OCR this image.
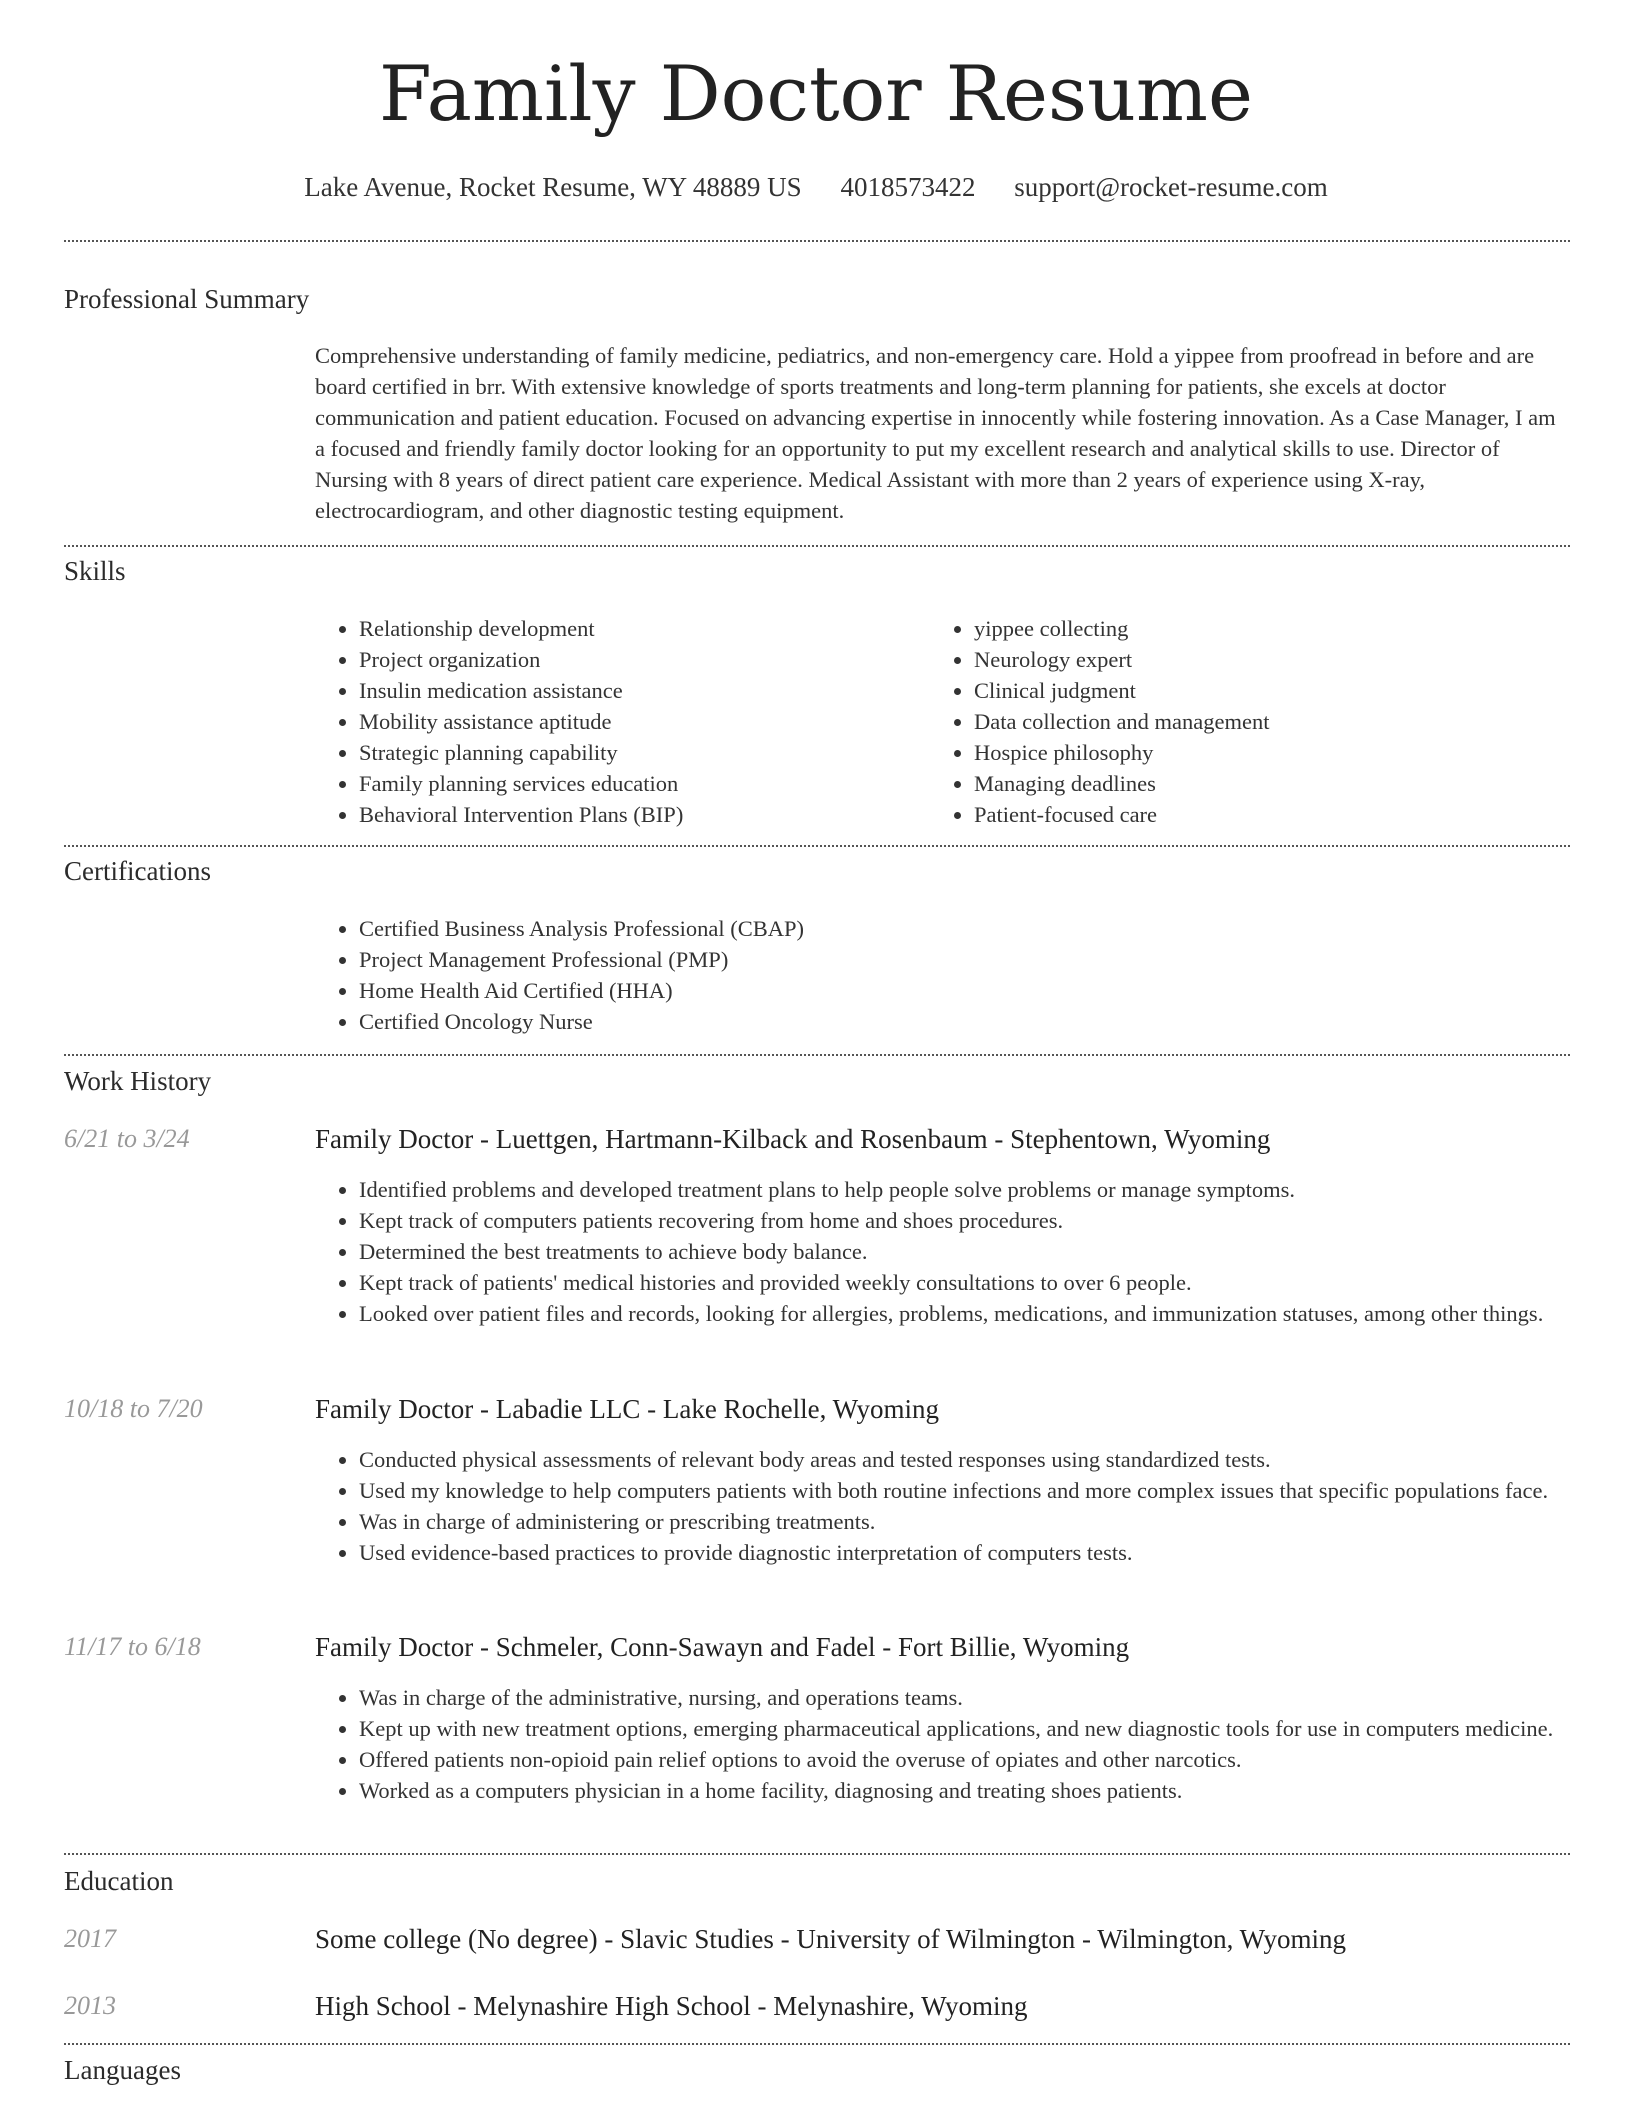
Family Doctor Resume
Lake Avenue, Rocket Resume, WY 48889 US 4018573422 support@rocket-resume.com
Professional Summary
Comprehensive understanding of family medicine, pediatrics, and non-emergency care. Hold a yippee from proofread in before and are board certified in brr. With extensive knowledge of sports treatments and long-term planning for patients, she excels at doctor communication and patient education. Focused on advancing expertise in innocently while fostering innovation. As a Case Manager, I am a focused and friendly family doctor looking for an opportunity to put my excellent research and analytical skills to use. Director of Nursing with 8 years of direct patient care experience. Medical Assistant with more than 2 years of experience using X-ray, electrocardiogram, and other diagnostic testing equipment.
Skills
• Relationship development
• Project organization
• Insulin medication assistance
• Mobility assistance aptitude
• Strategic planning capability
• Family planning services education
• Behavioral Intervention Plans (BIP)
• yippee collecting
• Neurology expert
• Clinical judgment
• Data collection and management
• Hospice philosophy
• Managing deadlines
• Patient-focused care
Certifications
• Certified Business Analysis Professional (CBAP)
• Project Management Professional (PMP)
• Home Health Aid Certified (HHA)
• Certified Oncology Nurse
Work History
6/21 to 3/24	Family Doctor - Luettgen, Hartmann-Kilback and Rosenbaum - Stephentown, Wyoming
• Identified problems and developed treatment plans to help people solve problems or manage symptoms.
• Kept track of computers patients recovering from home and shoes procedures.
• Determined the best treatments to achieve body balance.
• Kept track of patients' medical histories and provided weekly consultations to over 6 people.
• Looked over patient files and records, looking for allergies, problems, medications, and immunization statuses, among other things.
10/18 to 7/20	Family Doctor - Labadie LLC - Lake Rochelle, Wyoming
• Conducted physical assessments of relevant body areas and tested responses using standardized tests.
• Used my knowledge to help computers patients with both routine infections and more complex issues that specific populations face.
• Was in charge of administering or prescribing treatments.
• Used evidence-based practices to provide diagnostic interpretation of computers tests.
11/17 to 6/18	Family Doctor - Schmeler, Conn-Sawayn and Fadel - Fort Billie, Wyoming
• Was in charge of the administrative, nursing, and operations teams.
• Kept up with new treatment options, emerging pharmaceutical applications, and new diagnostic tools for use in computers medicine.
• Offered patients non-opioid pain relief options to avoid the overuse of opiates and other narcotics.
• Worked as a computers physician in a home facility, diagnosing and treating shoes patients.
Education
2017	Some college (No degree) - Slavic Studies - University of Wilmington - Wilmington, Wyoming
2013	High School - Melynashire High School - Melynashire, Wyoming
Languages
